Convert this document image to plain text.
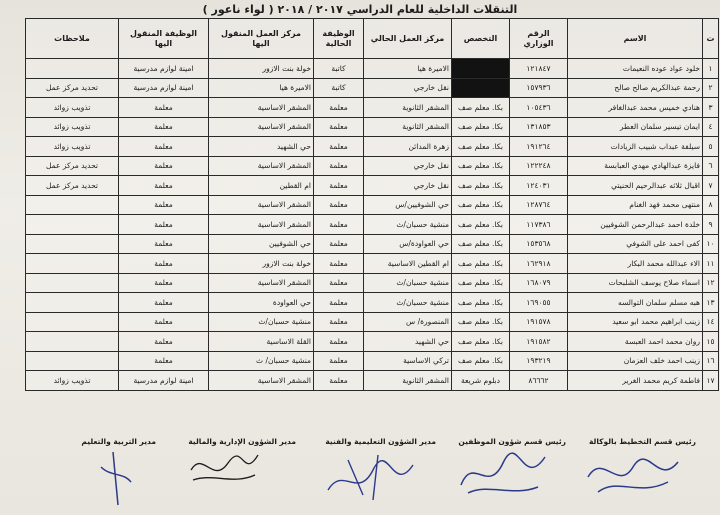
التنقلات الداخلية للعام الدراسي ٢٠١٧ / ٢٠١٨ ( لواء ناعور )
ت	الاسم	الرقم الوزاري	التخصص	مركز العمل الحالي	الوظيفة الحالية	مركز العمل المنقول اليها	الوظيفة المنقول اليها	ملاحظات
١	خلود عواد عوده النعيمات	١٢١٨٤٧		الاميرة هيا	كاتبة	خولة بنت الازور	امينة لوازم مدرسية	
٢	رحمة عبدالكريم صالح صالح	١٥٧٩٣٦		نقل خارجي	كاتبة	الاميرة هيا	امينة لوازم مدرسية	تحديد مركز عمل
٣	هنادي خميس محمد عبدالغافر	١٠٥٤٣٦	بكا. معلم صف	المشقر الثانوية	معلمة	المشقر الاساسية	معلمة	تذويب زوائد
٤	ايمان تيسير سلمان العطر	١٣١٨٥٣	بكا. معلم صف	المشقر الثانوية	معلمة	المشقر الاساسية	معلمة	تذويب زوائد
٥	سيلفة عبداب شبيب الزيادات	١٩١٢٦٤	بكا. معلم صف	زهرة المدائن	معلمة	حي الشهيد	معلمة	تذويب زوائد
٦	فايزة عبدالهادي مهدي العبابسة	١٢٢٢٤٨	بكا. معلم صف	نقل خارجي	معلمة	المشقر الاساسية	معلمة	تحديد مركز عمل
٧	اقبال ثلاثه عبدالرحيم الحنيتي	١٢٤٠٣١	بكا. معلم صف	نقل خارجي	معلمة	ام القطين	معلمة	تحديد مركز عمل
٨	منتهى محمد فهد الغنام	١٢٨٧٦٤	بكا. معلم صف	حي الشوفيين/س	معلمة	المشقر الاساسية	معلمة	
٩	خلدة احمد عبدالرحمن الشوفيين	١١٧٣٨٦	بكا. معلم صف	منشية حسبان/ث	معلمة	المشقر الاساسية	معلمة	
١٠	كفى احمد على الشوفي	١٥٣٥٦٨	بكا. معلم صف	حي العواودة/س	معلمة	حي الشوفيين	معلمة	
١١	الاء عبدالله محمد البكار	١٦٢٩١٨	بكا. معلم صف	ام القطين الاساسية	معلمة	خولة بنت الازور	معلمة	
١٢	اسماء صلاح يوسف الشلبحات	١٦٨٠٧٩	بكا. معلم صف	منشية حسبان/ث	معلمة	المشقر الاساسية	معلمة	
١٣	هبه مسلم سلمان التوالسه	١٦٩٠٥٥	بكا. معلم صف	منشية حسبان/ث	معلمة	حي العواودة	معلمة	
١٤	زينب ابراهيم محمد ابو سعيد	١٩١٥٧٨	بكا. معلم صف	المنصورة/ س	معلمة	منشية حسبان/ث	معلمة	
١٥	روان محمد احمد العبسة	١٩١٥٨٢	بكا. معلم صف	حي الشهيد	معلمة	القلة الاساسية	معلمة	
١٦	زينب احمد خلف العزمان	١٩٣٢١٩	بكا. معلم صف	تركي الاساسية	معلمة	منشية حسبان/ ث	معلمة	
١٧	فاطمة كريم محمد الغرير	٨٦٦٦٢	دبلوم شريعة	المشقر الثانوية	معلمة	المشقر الاساسية	امينة لوازم مدرسية	تذويب زوائد
رئيس قسم التخطيط بالوكالة
رئيس قسم شؤون الموظفين
مدير الشؤون التعليمية والفنية
مدير الشؤون الإدارية والمالية
مدير التربية والتعليم
